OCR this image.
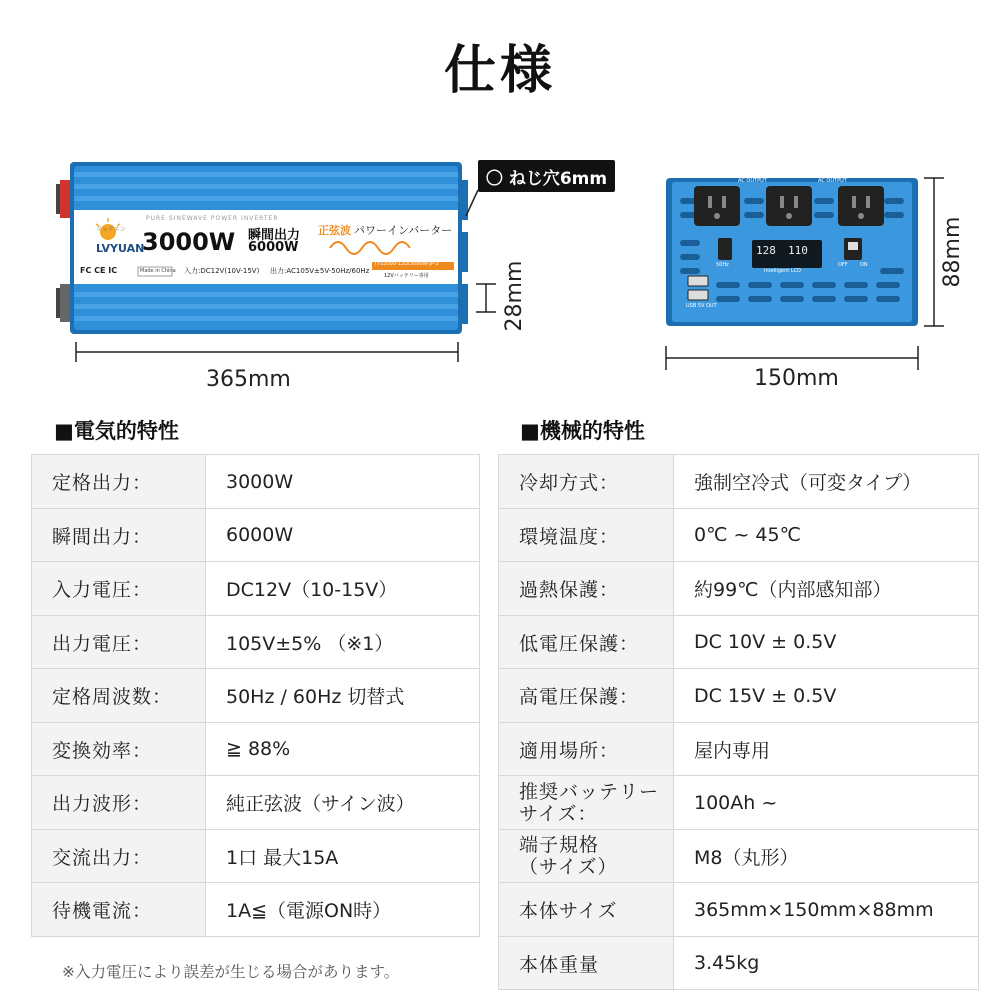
仕様
LVYUAN
リョクエン
PURE SINEWAVE POWER INVERTER
3000W 瞬間出力
6000W
正弦波 パワーインバーター
TYS3000-12LV3000W-JP-2
12Vバッテリー専用
FC CE IC	Made in China 入力:DC12V(10V-15V) 出力:AC105V±5V-50Hz/60Hz
〇 ねじ穴6mm
365mm
28mm
AC OUTPUT	AC OUTPUT
128 110
Intelligent LCD
50Hz	OFF ON
USB 5V OUT
150mm
88mm
■電気的特性	■機械的特性
定格出力：	3000W
瞬間出力：	6000W
入力電圧：	DC12V（10-15V）
出力電圧：	105V±5% （※1）
定格周波数：	50Hz / 60Hz 切替式
変換効率：	≧ 88%
出力波形：	純正弦波（サイン波）
交流出力：	1口 最大15A
待機電流：	1A≦（電源ON時）
※入力電圧により誤差が生じる場合があります。
冷却方式：	強制空冷式（可変タイプ）
環境温度：	0℃ ~ 45℃
過熱保護：	約99℃（内部感知部）
低電圧保護：	DC 10V ± 0.5V
高電圧保護：	DC 15V ± 0.5V
適用場所：	屋内専用
推奨バッテリー
サイズ：	100Ah ~
端子規格
（サイズ）	M8（丸形）
本体サイズ	365mm×150mm×88mm
本体重量	3.45kg
